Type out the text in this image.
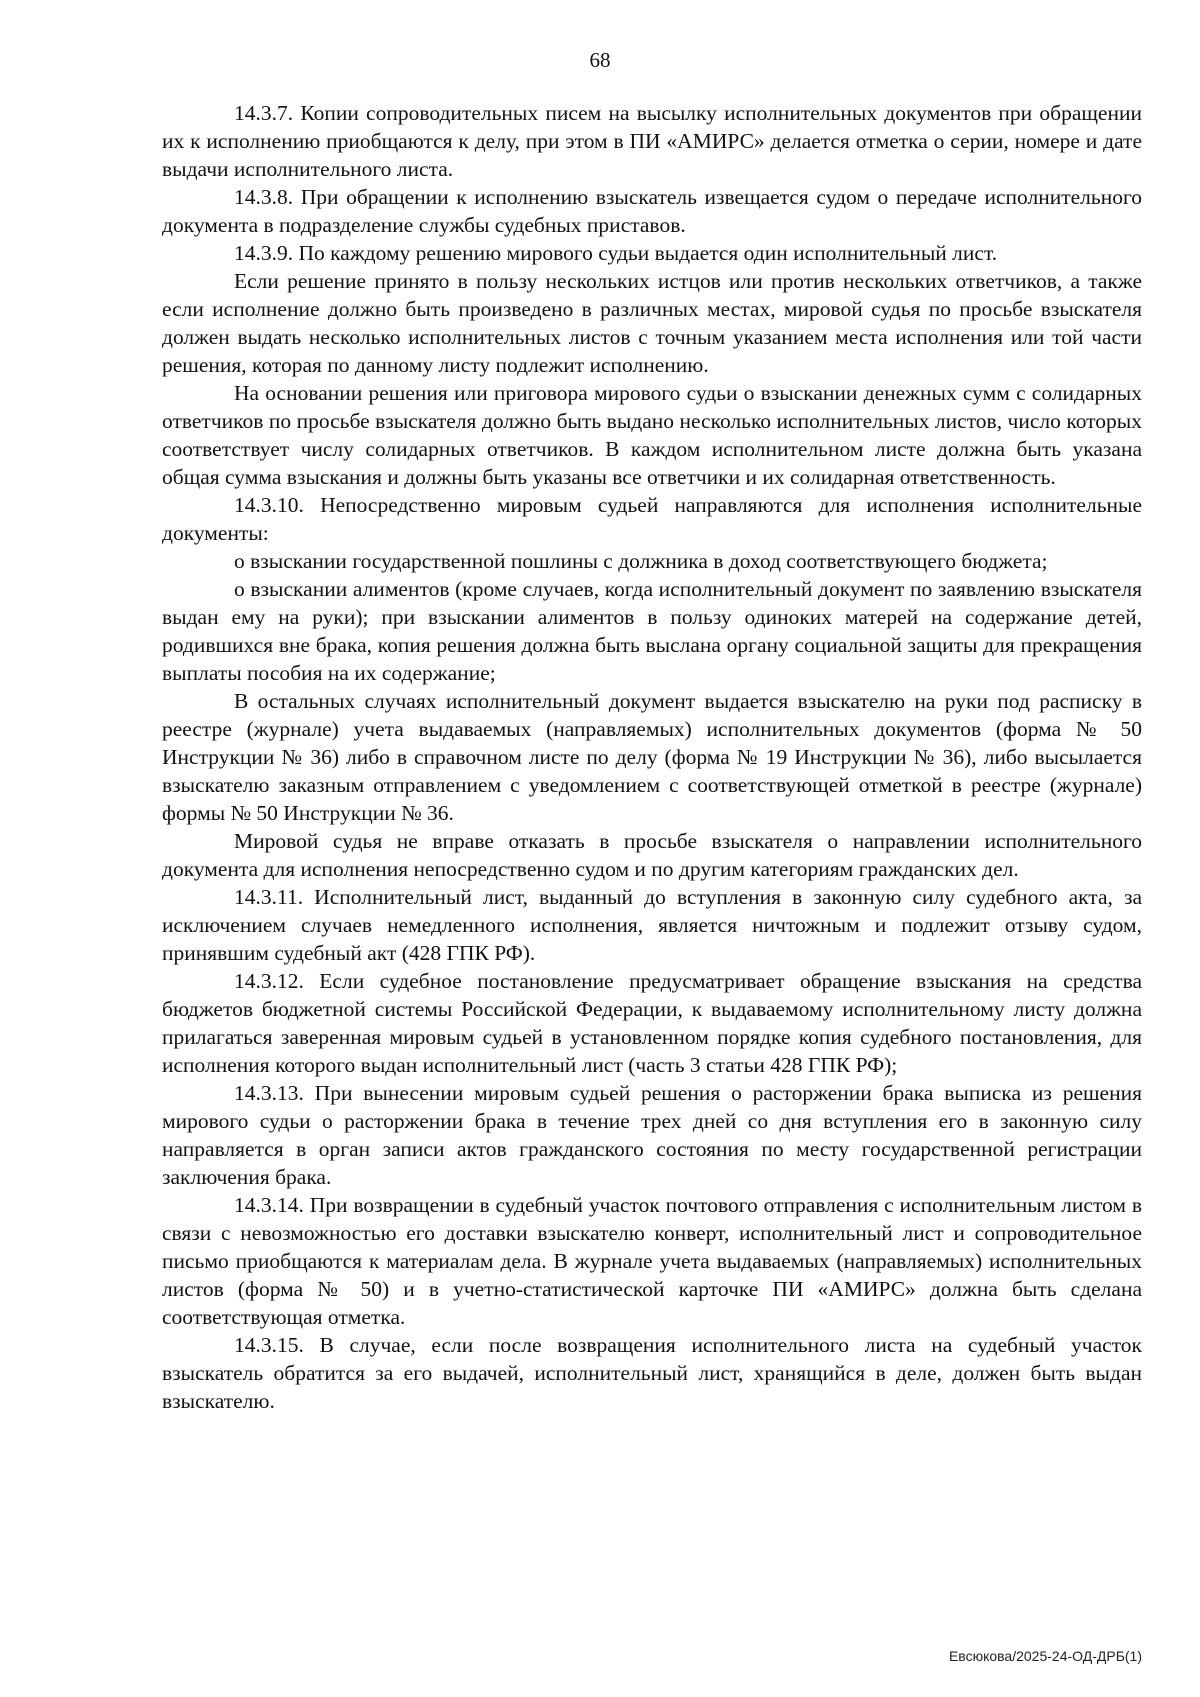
68

14.3.7. Копии сопроводительных писем на высылку исполнительных документов при обращении их к исполнению приобщаются к делу, при этом в ПИ «АМИРС» делается отметка о серии, номере и дате выдачи исполнительного листа.

14.3.8. При обращении к исполнению взыскатель извещается судом о передаче исполнительного документа в подразделение службы судебных приставов.

14.3.9. По каждому решению мирового судьи выдается один исполнительный лист.

Если решение принято в пользу нескольких истцов или против нескольких ответчиков, а также если исполнение должно быть произведено в различных местах, мировой судья по просьбе взыскателя должен выдать несколько исполнительных листов с точным указанием места исполнения или той части решения, которая по данному листу подлежит исполнению.

На основании решения или приговора мирового судьи о взыскании денежных сумм с солидарных ответчиков по просьбе взыскателя должно быть выдано несколько исполнительных листов, число которых соответствует числу солидарных ответчиков. В каждом исполнительном листе должна быть указана общая сумма взыскания и должны быть указаны все ответчики и их солидарная ответственность.

14.3.10. Непосредственно мировым судьей направляются для исполнения исполнительные документы:

о взыскании государственной пошлины с должника в доход соответствующего бюджета;

о взыскании алиментов (кроме случаев, когда исполнительный документ по заявлению взыскателя выдан ему на руки); при взыскании алиментов в пользу одиноких матерей на содержание детей, родившихся вне брака, копия решения должна быть выслана органу социальной защиты для прекращения выплаты пособия на их содержание;

В остальных случаях исполнительный документ выдается взыскателю на руки под расписку в реестре (журнале) учета выдаваемых (направляемых) исполнительных документов (форма № 50 Инструкции № 36) либо в справочном листе по делу (форма № 19 Инструкции № 36), либо высылается взыскателю заказным отправлением с уведомлением с соответствующей отметкой в реестре (журнале) формы № 50 Инструкции № 36.

Мировой судья не вправе отказать в просьбе взыскателя о направлении исполнительного документа для исполнения непосредственно судом и по другим категориям гражданских дел.

14.3.11. Исполнительный лист, выданный до вступления в законную силу судебного акта, за исключением случаев немедленного исполнения, является ничтожным и подлежит отзыву судом, принявшим судебный акт (428 ГПК РФ).

14.3.12. Если судебное постановление предусматривает обращение взыскания на средства бюджетов бюджетной системы Российской Федерации, к выдаваемому исполнительному листу должна прилагаться заверенная мировым судьей в установленном порядке копия судебного постановления, для исполнения которого выдан исполнительный лист (часть 3 статьи 428 ГПК РФ);

14.3.13. При вынесении мировым судьей решения о расторжении брака выписка из решения мирового судьи о расторжении брака в течение трех дней со дня вступления его в законную силу направляется в орган записи актов гражданского состояния по месту государственной регистрации заключения брака.

14.3.14. При возвращении в судебный участок почтового отправления с исполнительным листом в связи с невозможностью его доставки взыскателю конверт, исполнительный лист и сопроводительное письмо приобщаются к материалам дела. В журнале учета выдаваемых (направляемых) исполнительных листов (форма № 50) и в учетно-статистической карточке ПИ «АМИРС» должна быть сделана соответствующая отметка.

14.3.15. В случае, если после возвращения исполнительного листа на судебный участок взыскатель обратится за его выдачей, исполнительный лист, хранящийся в деле, должен быть выдан взыскателю.

Евсюкова/2025-24-ОД-ДРБ(1)
